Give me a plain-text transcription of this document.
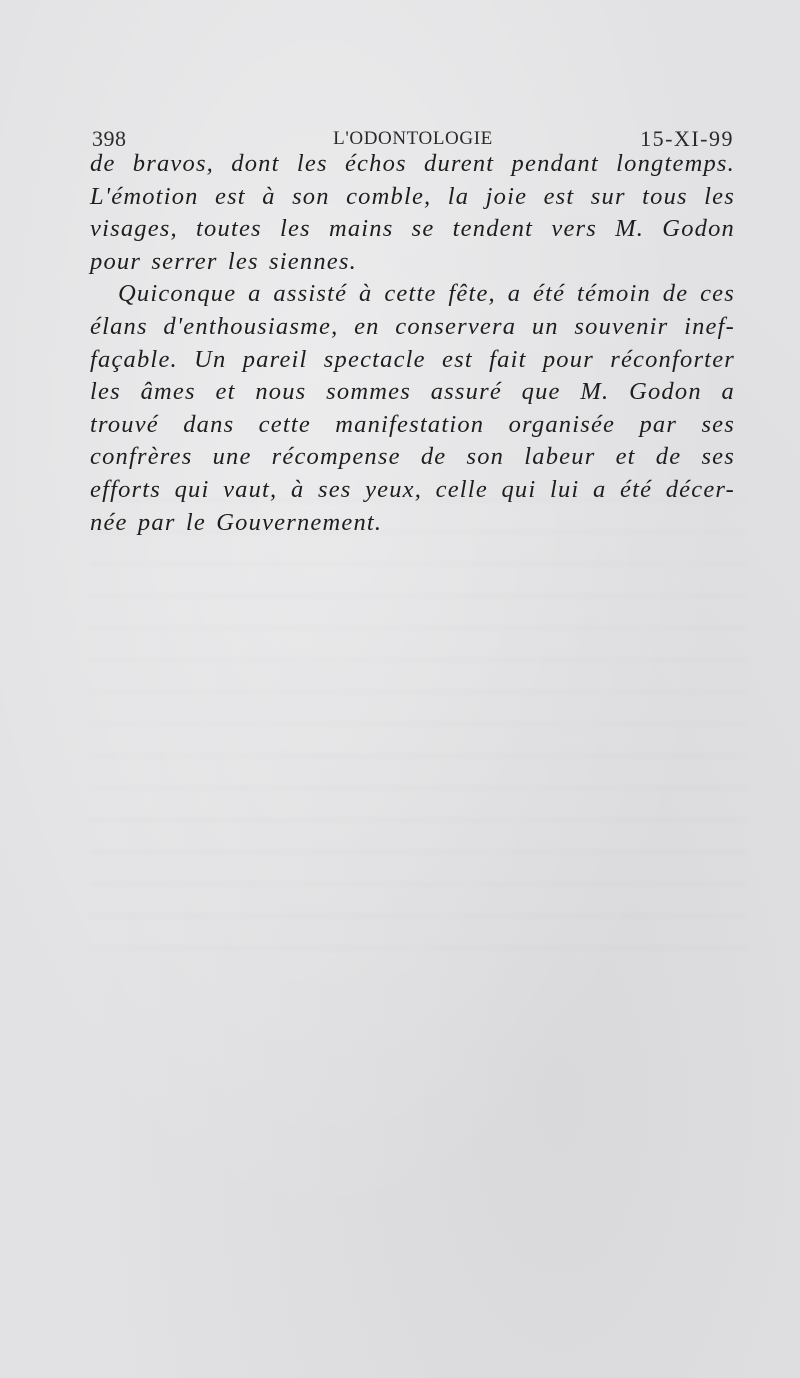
398	L'ODONTOLOGIE	15-XI-99
de bravos, dont les échos durent pendant longtemps.
L'émotion est à son comble, la joie est sur tous les
visages, toutes les mains se tendent vers M. Godon
pour serrer les siennes.
Quiconque a assisté à cette fête, a été témoin de ces
élans d'enthousiasme, en conservera un souvenir inef-
façable. Un pareil spectacle est fait pour réconforter
les âmes et nous sommes assuré que M. Godon a
trouvé dans cette manifestation organisée par ses
confrères une récompense de son labeur et de ses
efforts qui vaut, à ses yeux, celle qui lui a été décer-
née par le Gouvernement.
